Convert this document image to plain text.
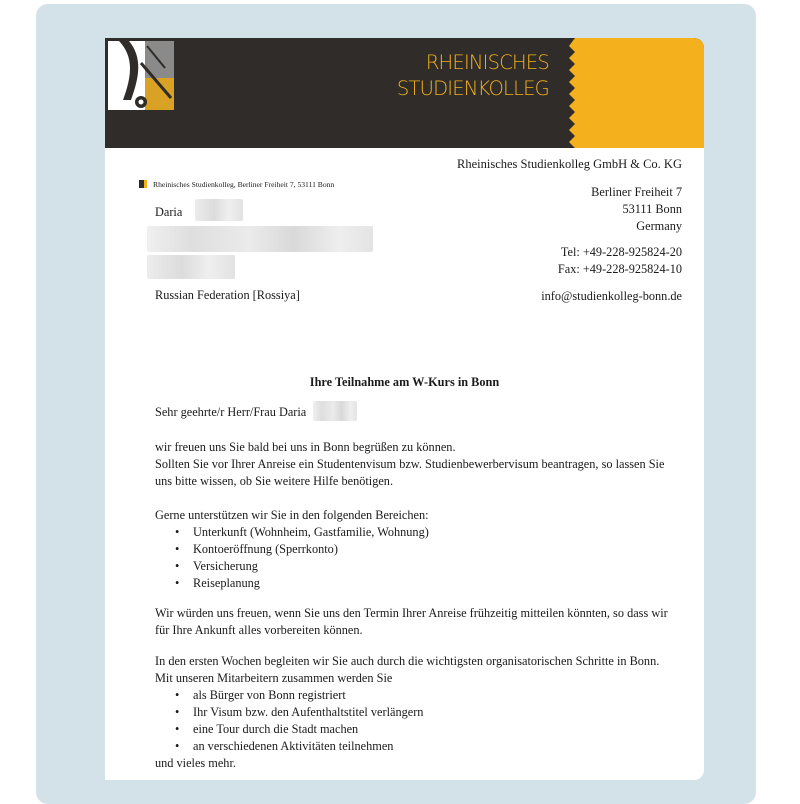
RHEINISCHES
STUDIENKOLLEG
Rheinisches Studienkolleg GmbH & Co. KG
Rheinisches Studienkolleg, Berliner Freiheit 7, 53111 Bonn
Daria
Russian Federation [Rossiya]
Berliner Freiheit 7
53111 Bonn
Germany
Tel: +49-228-925824-20
Fax: +49-228-925824-10
info@studienkolleg-bonn.de
Ihre Teilnahme am W-Kurs in Bonn
Sehr geehrte/r Herr/Frau Daria

wir freuen uns Sie bald bei uns in Bonn begrüßen zu können.

Sollten Sie vor Ihrer Anreise ein Studentenvisum bzw. Studienbewerbervisum beantragen, so lassen Sie uns bitte wissen, ob Sie weitere Hilfe benötigen.

Gerne unterstützen wir Sie in den folgenden Bereichen:

• Unterkunft (Wohnheim, Gastfamilie, Wohnung)
• Kontoeröffnung (Sperrkonto)
• Versicherung
• Reiseplanung

Wir würden uns freuen, wenn Sie uns den Termin Ihrer Anreise frühzeitig mitteilen könnten, so dass wir für Ihre Ankunft alles vorbereiten können.

In den ersten Wochen begleiten wir Sie auch durch die wichtigsten organisatorischen Schritte in Bonn.

Mit unseren Mitarbeitern zusammen werden Sie

• als Bürger von Bonn registriert
• Ihr Visum bzw. den Aufenthaltstitel verlängern
• eine Tour durch die Stadt machen
• an verschiedenen Aktivitäten teilnehmen

und vieles mehr.
